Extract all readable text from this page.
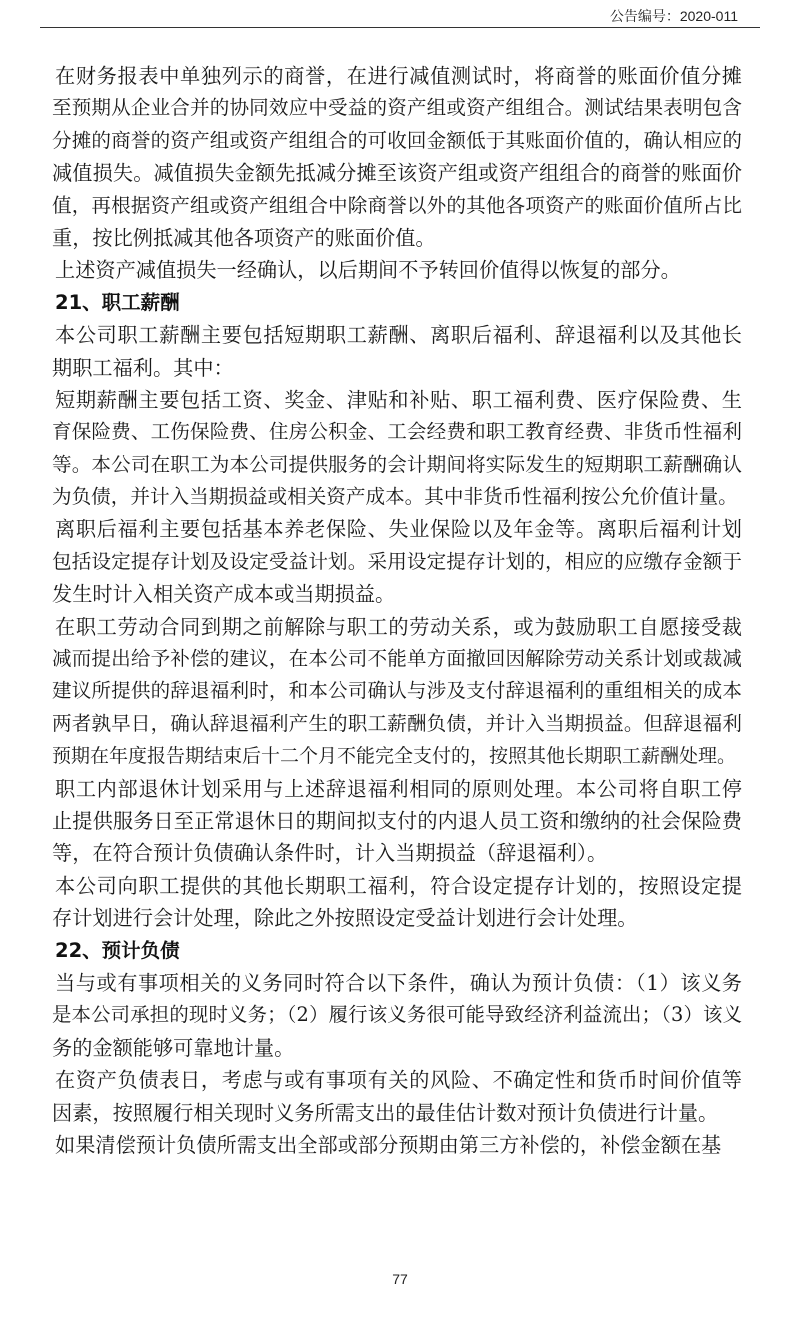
公告编号：2020-011
在财务报表中单独列示的商誉，在进行减值测试时，将商誉的账面价值分摊
至预期从企业合并的协同效应中受益的资产组或资产组组合。测试结果表明包含
分摊的商誉的资产组或资产组组合的可收回金额低于其账面价值的，确认相应的
减值损失。减值损失金额先抵减分摊至该资产组或资产组组合的商誉的账面价
值，再根据资产组或资产组组合中除商誉以外的其他各项资产的账面价值所占比
重，按比例抵减其他各项资产的账面价值。
上述资产减值损失一经确认，以后期间不予转回价值得以恢复的部分。
21、职工薪酬
本公司职工薪酬主要包括短期职工薪酬、离职后福利、辞退福利以及其他长
期职工福利。其中：
短期薪酬主要包括工资、奖金、津贴和补贴、职工福利费、医疗保险费、生
育保险费、工伤保险费、住房公积金、工会经费和职工教育经费、非货币性福利
等。本公司在职工为本公司提供服务的会计期间将实际发生的短期职工薪酬确认
为负债，并计入当期损益或相关资产成本。其中非货币性福利按公允价值计量。
离职后福利主要包括基本养老保险、失业保险以及年金等。离职后福利计划
包括设定提存计划及设定受益计划。采用设定提存计划的，相应的应缴存金额于
发生时计入相关资产成本或当期损益。
在职工劳动合同到期之前解除与职工的劳动关系，或为鼓励职工自愿接受裁
减而提出给予补偿的建议，在本公司不能单方面撤回因解除劳动关系计划或裁减
建议所提供的辞退福利时，和本公司确认与涉及支付辞退福利的重组相关的成本
两者孰早日，确认辞退福利产生的职工薪酬负债，并计入当期损益。但辞退福利
预期在年度报告期结束后十二个月不能完全支付的，按照其他长期职工薪酬处理。
职工内部退休计划采用与上述辞退福利相同的原则处理。本公司将自职工停
止提供服务日至正常退休日的期间拟支付的内退人员工资和缴纳的社会保险费
等，在符合预计负债确认条件时，计入当期损益（辞退福利）。
本公司向职工提供的其他长期职工福利，符合设定提存计划的，按照设定提
存计划进行会计处理，除此之外按照设定受益计划进行会计处理。
22、预计负债
当与或有事项相关的义务同时符合以下条件，确认为预计负债：（1）该义务
是本公司承担的现时义务；（2）履行该义务很可能导致经济利益流出；（3）该义
务的金额能够可靠地计量。
在资产负债表日，考虑与或有事项有关的风险、不确定性和货币时间价值等
因素，按照履行相关现时义务所需支出的最佳估计数对预计负债进行计量。
如果清偿预计负债所需支出全部或部分预期由第三方补偿的，补偿金额在基
77
